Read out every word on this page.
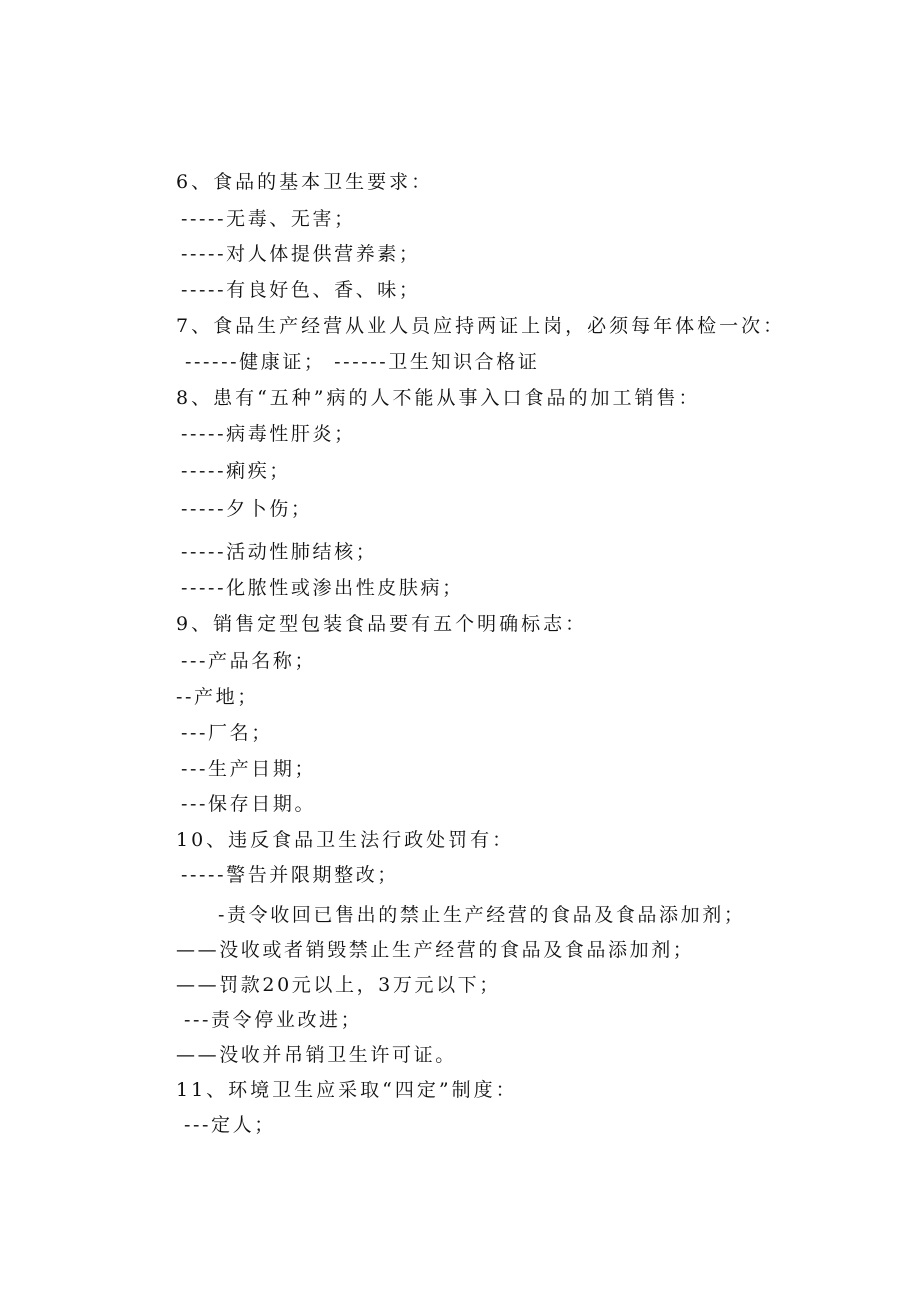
6、食品的基本卫生要求：
-----无毒、无害；
-----对人体提供营养素；
-----有良好色、香、味；
7、食品生产经营从业人员应持两证上岗，必须每年体检一次：
------健康证； ------卫生知识合格证
8、患有“五种”病的人不能从事入口食品的加工销售：
-----病毒性肝炎；
-----痢疾；
-----夕卜伤；
-----活动性肺结核；
-----化脓性或渗出性皮肤病；
9、销售定型包装食品要有五个明确标志：
---产品名称；
--产地；
---厂名；
---生产日期；
---保存日期。
10、违反食品卫生法行政处罚有：
-----警告并限期整改；
-责令收回已售出的禁止生产经营的食品及食品添加剂；
——没收或者销毁禁止生产经营的食品及食品添加剂；
——罚款20元以上，3万元以下；
---责令停业改进；
——没收并吊销卫生许可证。
11、环境卫生应采取“四定”制度：
---定人；
